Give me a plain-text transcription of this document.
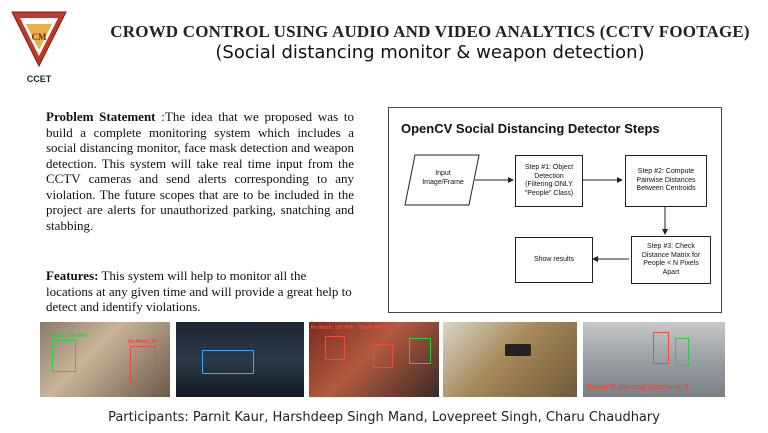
CM
CCET
CROWD CONTROL USING AUDIO AND VIDEO ANALYTICS (CCTV FOOTAGE)
(Social distancing monitor & weapon detection)
Problem Statement :The idea that we proposed was to build a complete monitoring system which includes a social distancing monitor, face mask detection and weapon detection. This system will take real time input from the CCTV cameras and send alerts corresponding to any violation. The future scopes that are to be included in the project are alerts for unauthorized parking, snatching and stabbing.
Features: This system will help to monitor all the locations at any given time and will provide a great help to detect and identify violations.
OpenCV Social Distancing Detector Steps
Input
Image/Frame
Step #1: Object
Detection
(Filtering ONLY
"People" Class)
Step #2: Compute
Pairwise Distances
Between Centroids
Step #3: Check
Distance Matrix for
People < N Pixels
Apart
Show results
Mask: 100.00%
No Mask: 99
No Mask: 100.00% Mask: 84.98%
Social Distancing Violations: 2
Participants: Parnit Kaur, Harshdeep Singh Mand, Lovepreet Singh, Charu Chaudhary
